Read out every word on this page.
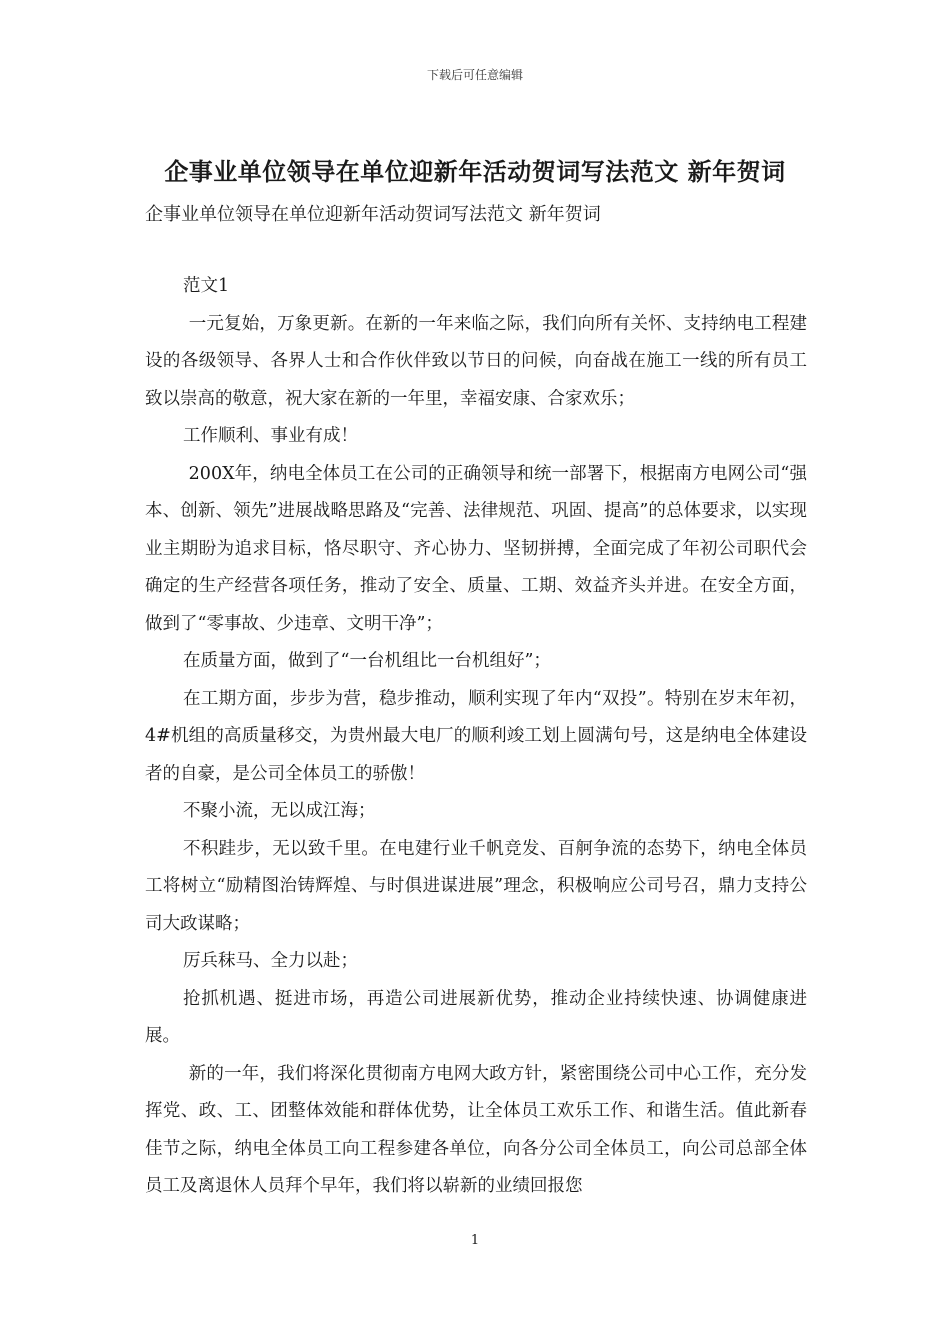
下载后可任意编辑
企事业单位领导在单位迎新年活动贺词写法范文 新年贺词

企事业单位领导在单位迎新年活动贺词写法范文 新年贺词

范文1

一元复始，万象更新。在新的一年来临之际，我们向所有关怀、支持纳电工程建设的各级领导、各界人士和合作伙伴致以节日的问候，向奋战在施工一线的所有员工致以崇高的敬意，祝大家在新的一年里，幸福安康、合家欢乐；

工作顺利、事业有成！

200X年，纳电全体员工在公司的正确领导和统一部署下，根据南方电网公司“强本、创新、领先”进展战略思路及“完善、法律规范、巩固、提高”的总体要求，以实现业主期盼为追求目标，恪尽职守、齐心协力、坚韧拼搏，全面完成了年初公司职代会确定的生产经营各项任务，推动了安全、质量、工期、效益齐头并进。在安全方面，做到了“零事故、少违章、文明干净”；

在质量方面，做到了“一台机组比一台机组好”；

在工期方面，步步为营，稳步推动，顺利实现了年内“双投”。特别在岁末年初，4#机组的高质量移交，为贵州最大电厂的顺利竣工划上圆满句号，这是纳电全体建设者的自豪，是公司全体员工的骄傲！

不聚小流，无以成江海；

不积跬步，无以致千里。在电建行业千帆竞发、百舸争流的态势下，纳电全体员工将树立“励精图治铸辉煌、与时俱进谋进展”理念，积极响应公司号召，鼎力支持公司大政谋略；

厉兵秣马、全力以赴；

抢抓机遇、挺进市场，再造公司进展新优势，推动企业持续快速、协调健康进展。

新的一年，我们将深化贯彻南方电网大政方针，紧密围绕公司中心工作，充分发挥党、政、工、团整体效能和群体优势，让全体员工欢乐工作、和谐生活。值此新春佳节之际，纳电全体员工向工程参建各单位，向各分公司全体员工，向公司总部全体员工及离退休人员拜个早年，我们将以崭新的业绩回报您

1
